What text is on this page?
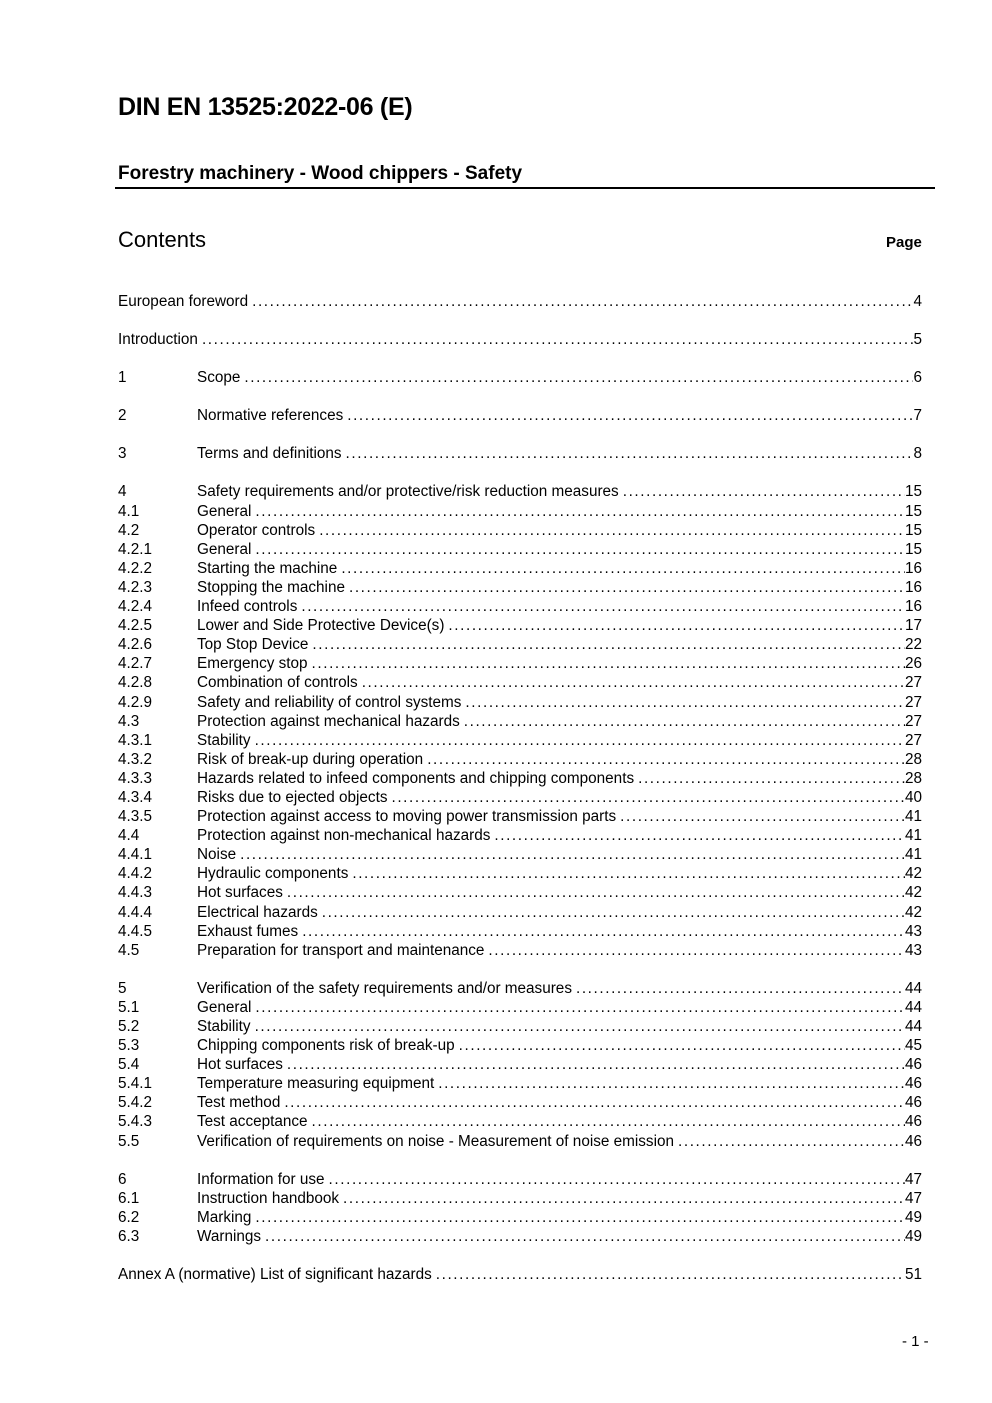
DIN EN 13525:2022-06 (E)
Forestry machinery - Wood chippers - Safety
Contents	Page
European foreword .....	4
Introduction .....	5
1	Scope .....	6
2	Normative references .....	7
3	Terms and definitions .....	8
4	Safety requirements and/or protective/risk reduction measures .....	15
4.1	General .....	15
4.2	Operator controls .....	15
4.2.1	General .....	15
4.2.2	Starting the machine .....	16
4.2.3	Stopping the machine .....	16
4.2.4	Infeed controls .....	16
4.2.5	Lower and Side Protective Device(s) .....	17
4.2.6	Top Stop Device .....	22
4.2.7	Emergency stop .....	26
4.2.8	Combination of controls .....	27
4.2.9	Safety and reliability of control systems .....	27
4.3	Protection against mechanical hazards .....	27
4.3.1	Stability .....	27
4.3.2	Risk of break-up during operation .....	28
4.3.3	Hazards related to infeed components and chipping components .....	28
4.3.4	Risks due to ejected objects .....	40
4.3.5	Protection against access to moving power transmission parts .....	41
4.4	Protection against non-mechanical hazards .....	41
4.4.1	Noise .....	41
4.4.2	Hydraulic components .....	42
4.4.3	Hot surfaces .....	42
4.4.4	Electrical hazards .....	42
4.4.5	Exhaust fumes .....	43
4.5	Preparation for transport and maintenance .....	43
5	Verification of the safety requirements and/or measures .....	44
5.1	General .....	44
5.2	Stability .....	44
5.3	Chipping components risk of break-up .....	45
5.4	Hot surfaces .....	46
5.4.1	Temperature measuring equipment .....	46
5.4.2	Test method .....	46
5.4.3	Test acceptance .....	46
5.5	Verification of requirements on noise - Measurement of noise emission .....	46
6	Information for use .....	47
6.1	Instruction handbook .....	47
6.2	Marking .....	49
6.3	Warnings .....	49
Annex A (normative) List of significant hazards .....	51
- 1 -
